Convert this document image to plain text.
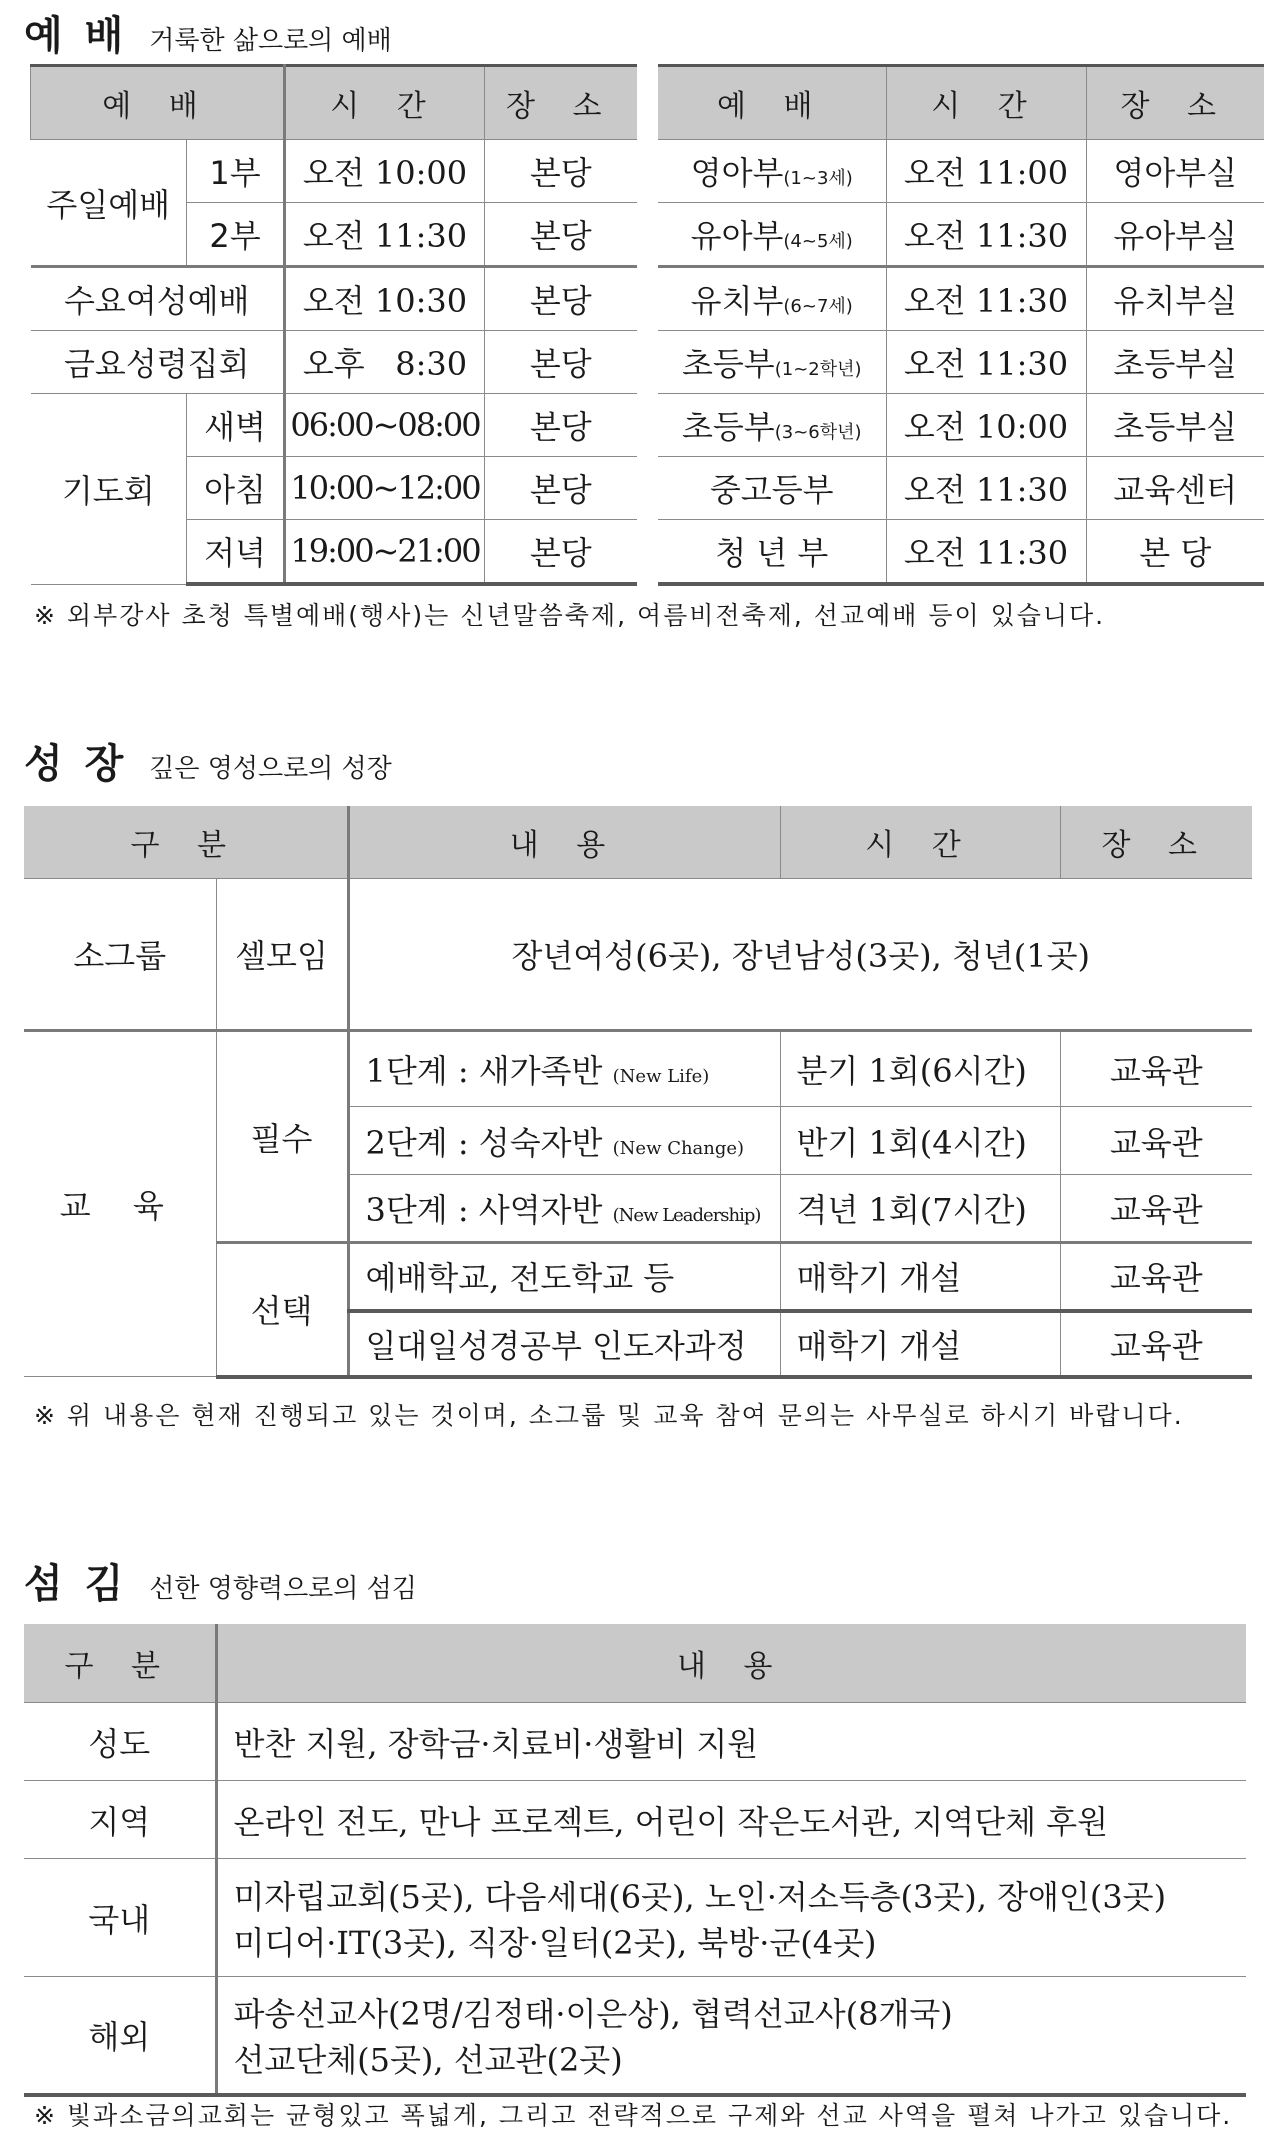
예 배 거룩한 삶으로의 예배
예 배		시 간	장 소
주일예배	1부	오전 10:00	본당
	2부	오전 11:30	본당
수요여성예배		오전 10:30	본당
금요성령집회		오후   8:30	본당
기도회	새벽	06:00~08:00	본당
	아침	10:00~12:00	본당
	저녁	19:00~21:00	본당
예 배	시 간	장 소
영아부(1~3세)	오전 11:00	영아부실
유아부(4~5세)	오전 11:30	유아부실
유치부(6~7세)	오전 11:30	유치부실
초등부(1~2학년)	오전 11:30	초등부실
초등부(3~6학년)	오전 10:00	초등부실
중고등부	오전 11:30	교육센터
청 년 부	오전 11:30	본 당
※ 외부강사 초청 특별예배(행사)는 신년말씀축제, 여름비전축제, 선교예배 등이 있습니다.
성 장 깊은 영성으로의 성장
구 분		내 용	시 간	장 소
소그룹	셀모임	장년여성(6곳), 장년남성(3곳), 청년(1곳)		
교 육	필수	1단계 : 새가족반 (New Life)	분기 1회(6시간)	교육관
		2단계 : 성숙자반 (New Change)	반기 1회(4시간)	교육관
		3단계 : 사역자반 (New Leadership)	격년 1회(7시간)	교육관
	선택	예배학교, 전도학교 등	매학기 개설	교육관
		일대일성경공부 인도자과정	매학기 개설	교육관
※ 위 내용은 현재 진행되고 있는 것이며, 소그룹 및 교육 참여 문의는 사무실로 하시기 바랍니다.
섬 김 선한 영향력으로의 섬김
구 분	내 용
성도	반찬 지원, 장학금·치료비·생활비 지원
지역	온라인 전도, 만나 프로젝트, 어린이 작은도서관, 지역단체 후원
국내	미자립교회(5곳), 다음세대(6곳), 노인·저소득층(3곳), 장애인(3곳)
미디어·IT(3곳), 직장·일터(2곳), 북방·군(4곳)

해외	파송선교사(2명/김정태·이은상), 협력선교사(8개국)
선교단체(5곳), 선교관(2곳)
※ 빛과소금의교회는 균형있고 폭넓게, 그리고 전략적으로 구제와 선교 사역을 펼쳐 나가고 있습니다.
